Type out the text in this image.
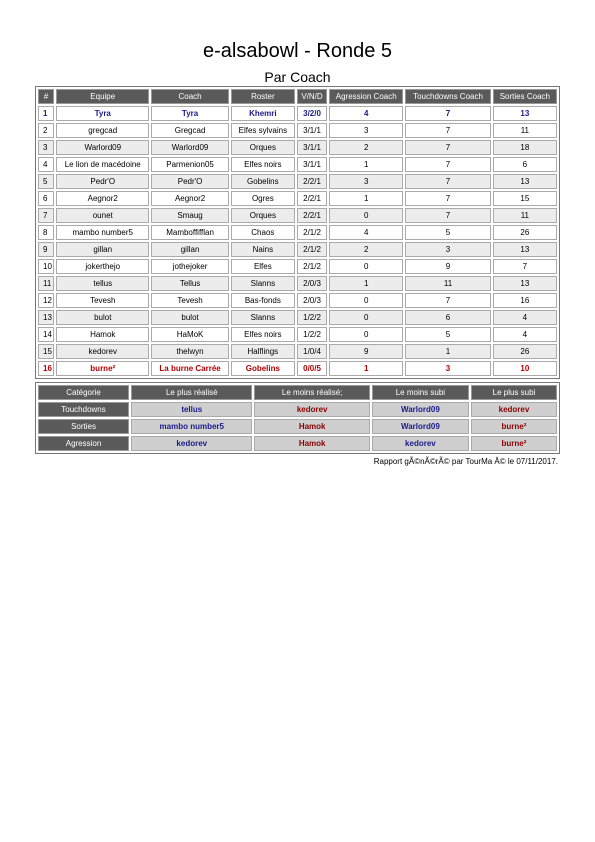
e-alsabowl - Ronde 5
Par Coach
#	Equipe	Coach	Roster	V/N/D	Agression Coach	Touchdowns Coach	Sorties Coach
1	Tyra	Tyra	Khemri	3/2/0	4	7	13
2	gregcad	Gregcad	Elfes sylvains	3/1/1	3	7	11
3	Warlord09	Warlord09	Orques	3/1/1	2	7	18
4	Le lion de macédoine	Parmenion05	Elfes noirs	3/1/1	1	7	6
5	Pedr'O	Pedr'O	Gobelins	2/2/1	3	7	13
6	Aegnor2	Aegnor2	Ogres	2/2/1	1	7	15
7	ounet	Smaug	Orques	2/2/1	0	7	11
8	mambo number5	Mamboffifflan	Chaos	2/1/2	4	5	26
9	gillan	gillan	Nains	2/1/2	2	3	13
10	jokerthejo	jothejoker	Elfes	2/1/2	0	9	7
11	tellus	Tellus	Slanns	2/0/3	1	11	13
12	Tevesh	Tevesh	Bas-fonds	2/0/3	0	7	16
13	bulot	bulot	Slanns	1/2/2	0	6	4
14	Hamok	HaMoK	Elfes noirs	1/2/2	0	5	4
15	kedorev	thelwyn	Halflings	1/0/4	9	1	26
16	burne²	La burne Carrée	Gobelins	0/0/5	1	3	10
Catégorie	Le plus réalisé	Le moins réalisé;	Le moins subi	Le plus subi
Touchdowns	tellus	kedorev	Warlord09	kedorev
Sorties	mambo number5	Hamok	Warlord09	burne²
Agression	kedorev	Hamok	kedorev	burne²
Rapport gÃ©nÃ©rÃ© par TourMa Â© le 07/11/2017.
